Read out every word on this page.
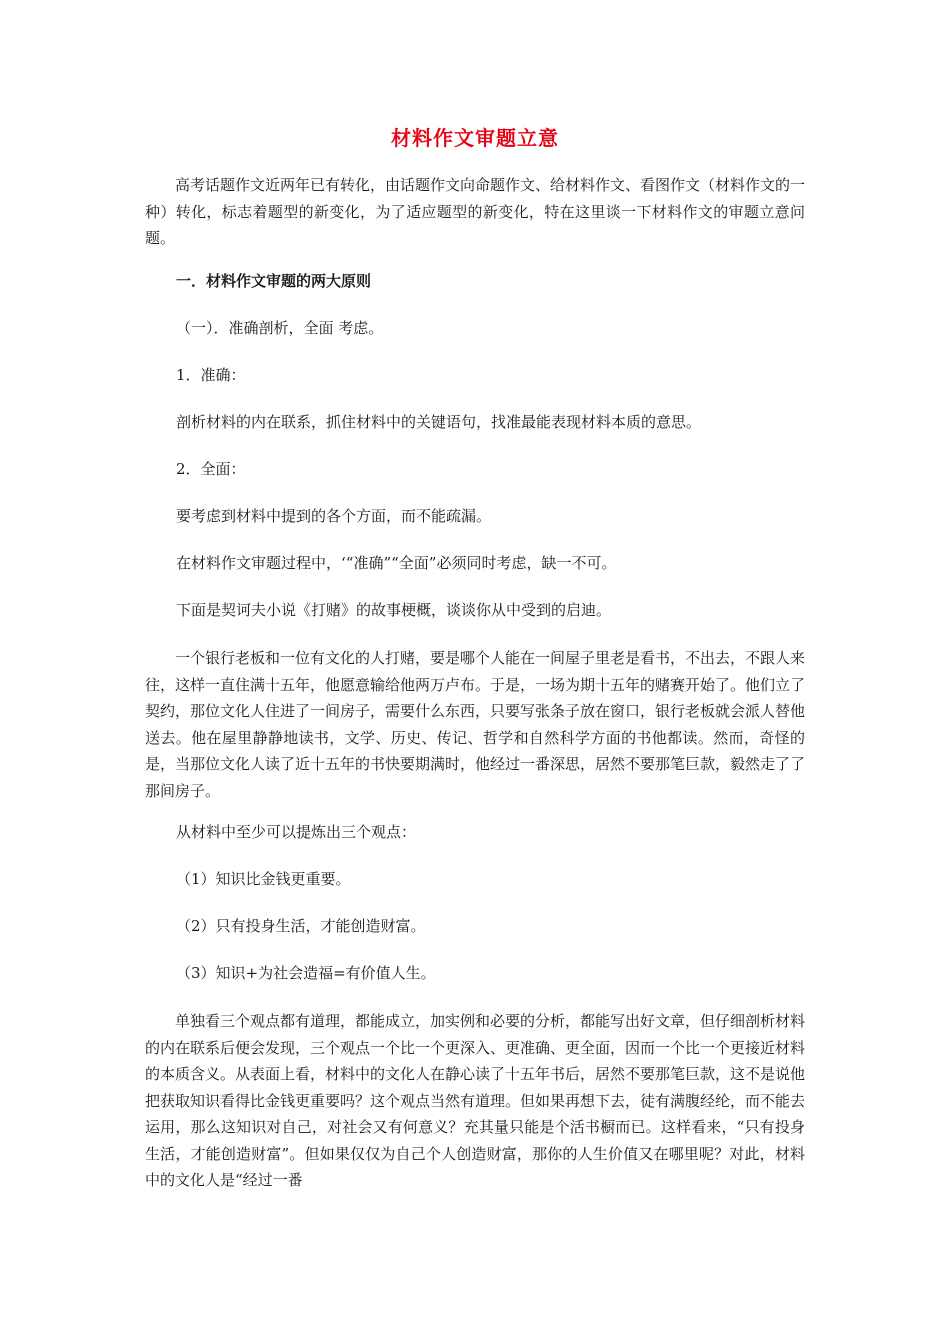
材料作文审题立意

高考话题作文近两年已有转化，由话题作文向命题作文、给材料作文、看图作文（材料作文的一种）转化，标志着题型的新变化，为了适应题型的新变化，特在这里谈一下材料作文的审题立意问题。

一．材料作文审题的两大原则

（一）．准确剖析，全面 考虑。

1．准确：

剖析材料的内在联系，抓住材料中的关键语句，找准最能表现材料本质的意思。

2．全面：

要考虑到材料中提到的各个方面，而不能疏漏。

在材料作文审题过程中，‘“准确”“全面”必须同时考虑，缺一不可。

下面是契诃夫小说《打赌》的故事梗概，谈谈你从中受到的启迪。

一个银行老板和一位有文化的人打赌，要是哪个人能在一间屋子里老是看书，不出去，不跟人来往，这样一直住满十五年，他愿意输给他两万卢布。于是，一场为期十五年的赌赛开始了。他们立了契约，那位文化人住进了一间房子，需要什么东西，只要写张条子放在窗口，银行老板就会派人替他送去。他在屋里静静地读书，文学、历史、传记、哲学和自然科学方面的书他都读。然而，奇怪的是，当那位文化人读了近十五年的书快要期满时，他经过一番深思，居然不要那笔巨款，毅然走了了那间房子。

从材料中至少可以提炼出三个观点：

（1）知识比金钱更重要。

（2）只有投身生活，才能创造财富。

（3）知识+为社会造福=有价值人生。

单独看三个观点都有道理，都能成立，加实例和必要的分析，都能写出好文章，但仔细剖析材料的内在联系后便会发现，三个观点一个比一个更深入、更准确、更全面，因而一个比一个更接近材料的本质含义。从表面上看，材料中的文化人在静心读了十五年书后，居然不要那笔巨款，这不是说他把获取知识看得比金钱更重要吗？这个观点当然有道理。但如果再想下去，徒有满腹经纶，而不能去运用，那么这知识对自己，对社会又有何意义？充其量只能是个活书橱而已。这样看来，“只有投身生活，才能创造财富”。但如果仅仅为自己个人创造财富，那你的人生价值又在哪里呢？对此，材料中的文化人是“经过一番
